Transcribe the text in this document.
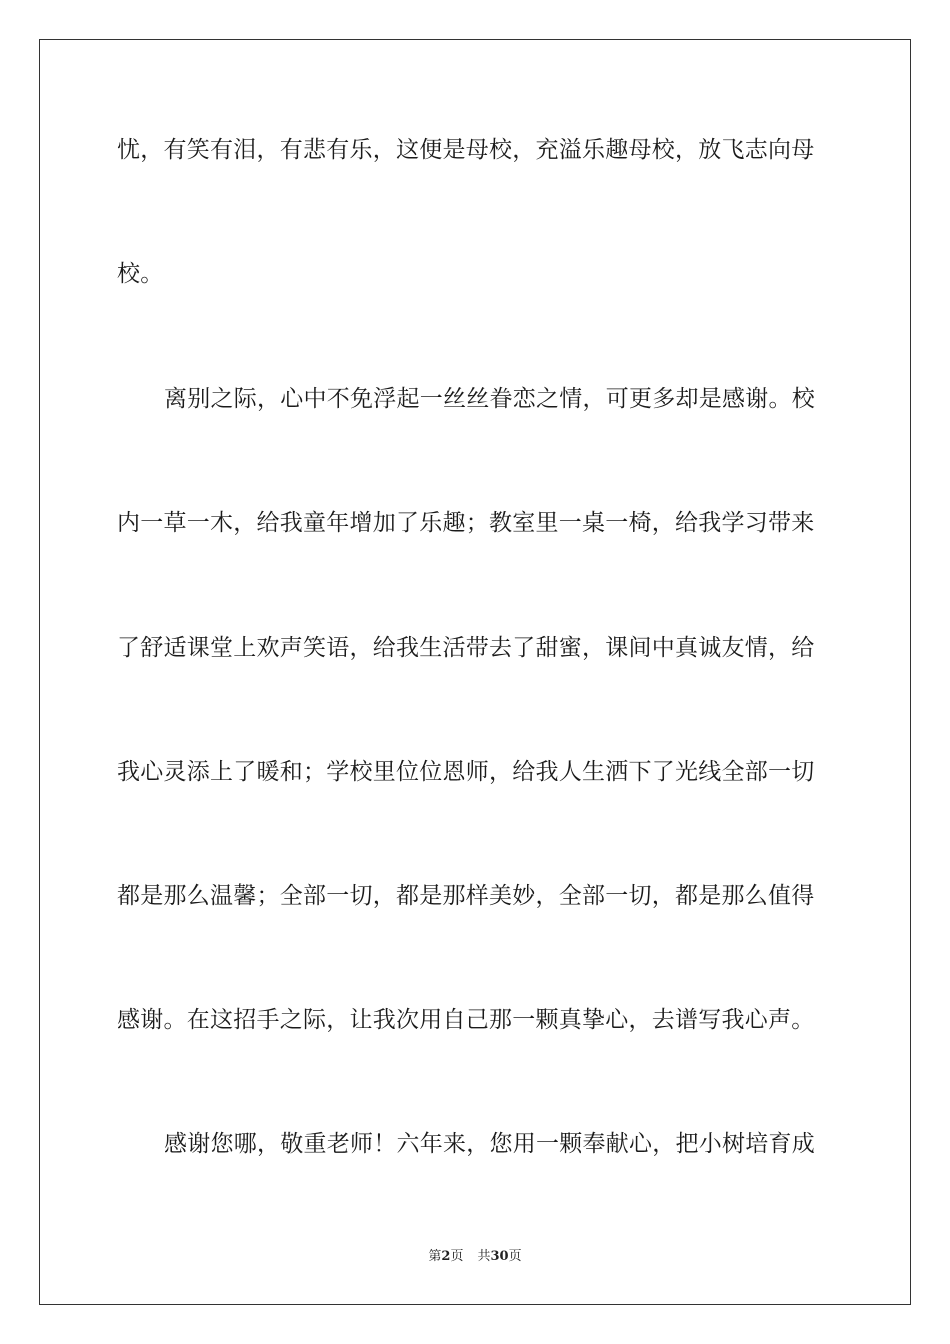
忧，有笑有泪，有悲有乐，这便是母校，充溢乐趣母校，放飞志向母
校。
离别之际，心中不免浮起一丝丝眷恋之情，可更多却是感谢。校
内一草一木，给我童年增加了乐趣；教室里一桌一椅，给我学习带来
了舒适课堂上欢声笑语，给我生活带去了甜蜜，课间中真诚友情，给
我心灵添上了暖和；学校里位位恩师，给我人生洒下了光线全部一切
都是那么温馨；全部一切，都是那样美妙，全部一切，都是那么值得
感谢。在这招手之际，让我次用自己那一颗真挚心，去谱写我心声。
感谢您哪，敬重老师！六年来，您用一颗奉献心，把小树培育成
第2页 共30页
